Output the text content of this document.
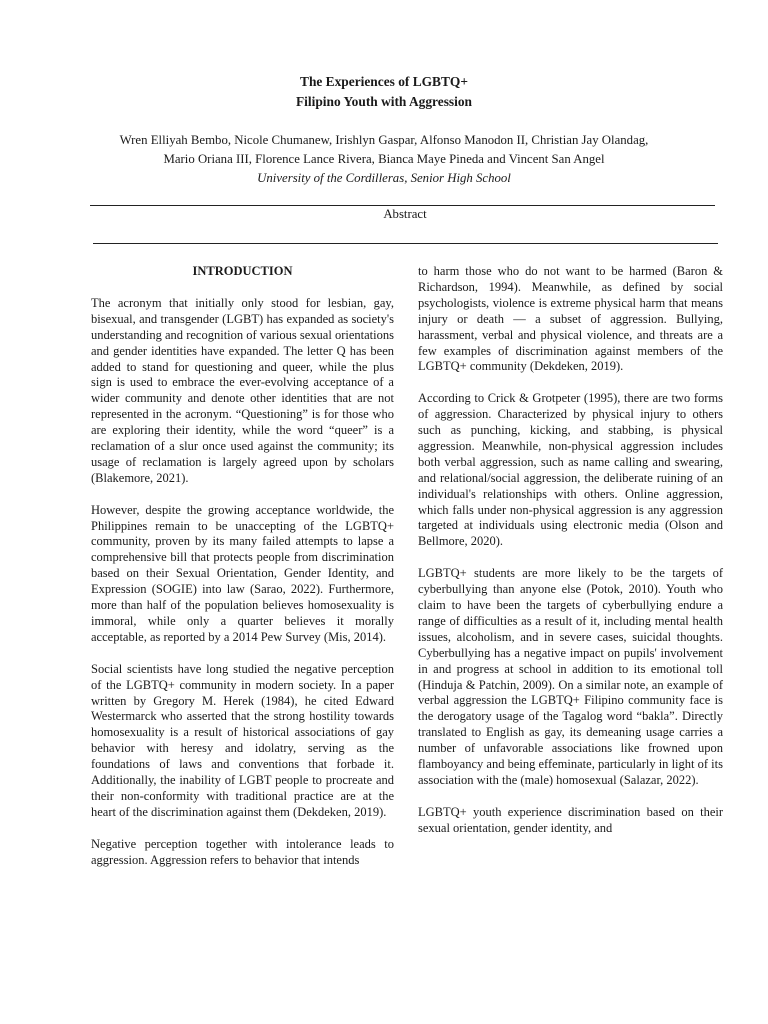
The Experiences of LGBTQ+
Filipino Youth with Aggression
Wren Elliyah Bembo, Nicole Chumanew, Irishlyn Gaspar, Alfonso Manodon II, Christian Jay Olandag,
Mario Oriana III, Florence Lance Rivera, Bianca Maye Pineda and Vincent San Angel
University of the Cordilleras, Senior High School
Abstract
INTRODUCTION

The acronym that initially only stood for lesbian, gay, bisexual, and transgender (LGBT) has expanded as society's understanding and recognition of various sexual orientations and gender identities have expanded. The letter Q has been added to stand for questioning and queer, while the plus sign is used to embrace the ever-evolving acceptance of a wider community and denote other identities that are not represented in the acronym. “Questioning” is for those who are exploring their identity, while the word “queer” is a reclamation of a slur once used against the community; its usage of reclamation is largely agreed upon by scholars (Blakemore, 2021).

However, despite the growing acceptance worldwide, the Philippines remain to be unaccepting of the LGBTQ+ community, proven by its many failed attempts to lapse a comprehensive bill that protects people from discrimination based on their Sexual Orientation, Gender Identity, and Expression (SOGIE) into law (Sarao, 2022). Furthermore, more than half of the population believes homosexuality is immoral, while only a quarter believes it morally acceptable, as reported by a 2014 Pew Survey (Mis, 2014).

Social scientists have long studied the negative perception of the LGBTQ+ community in modern society. In a paper written by Gregory M. Herek (1984), he cited Edward Westermarck who asserted that the strong hostility towards homosexuality is a result of historical associations of gay behavior with heresy and idolatry, serving as the foundations of laws and conventions that forbade it. Additionally, the inability of LGBT people to procreate and their non-conformity with traditional practice are at the heart of the discrimination against them (Dekdeken, 2019).

Negative perception together with intolerance leads to aggression. Aggression refers to behavior that intends

to harm those who do not want to be harmed (Baron & Richardson, 1994). Meanwhile, as defined by social psychologists, violence is extreme physical harm that means injury or death — a subset of aggression. Bullying, harassment, verbal and physical violence, and threats are a few examples of discrimination against members of the LGBTQ+ community (Dekdeken, 2019).

According to Crick & Grotpeter (1995), there are two forms of aggression. Characterized by physical injury to others such as punching, kicking, and stabbing, is physical aggression. Meanwhile, non-physical aggression includes both verbal aggression, such as name calling and swearing, and relational/social aggression, the deliberate ruining of an individual's relationships with others. Online aggression, which falls under non-physical aggression is any aggression targeted at individuals using electronic media (Olson and Bellmore, 2020).

LGBTQ+ students are more likely to be the targets of cyberbullying than anyone else (Potok, 2010). Youth who claim to have been the targets of cyberbullying endure a range of difficulties as a result of it, including mental health issues, alcoholism, and in severe cases, suicidal thoughts. Cyberbullying has a negative impact on pupils' involvement in and progress at school in addition to its emotional toll (Hinduja & Patchin, 2009). On a similar note, an example of verbal aggression the LGBTQ+ Filipino community face is the derogatory usage of the Tagalog word “bakla”. Directly translated to English as gay, its demeaning usage carries a number of unfavorable associations like frowned upon flamboyancy and being effeminate, particularly in light of its association with the (male) homosexual (Salazar, 2022).

LGBTQ+ youth experience discrimination based on their sexual orientation, gender identity, and
